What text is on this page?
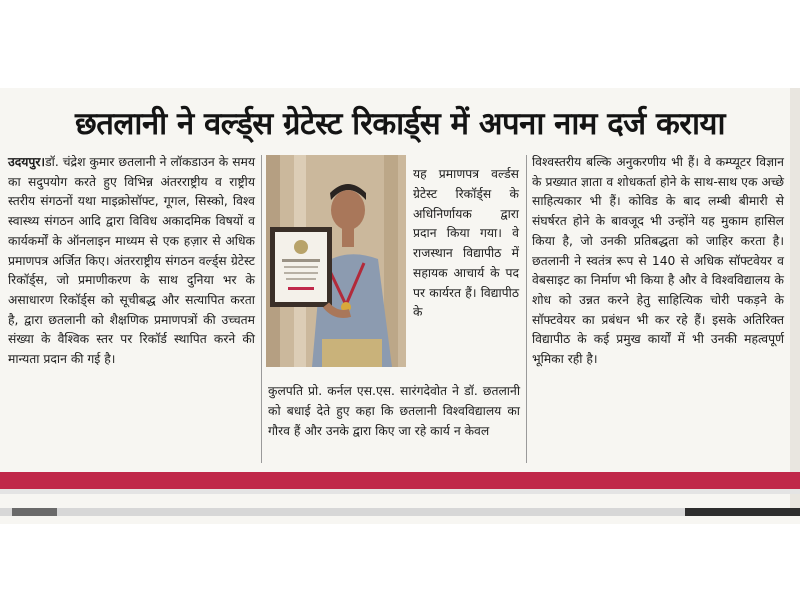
छतलानी ने वर्ल्ड्स ग्रेटेस्ट रिकार्ड्स में अपना नाम दर्ज कराया

उदयपुर।डॉ. चंद्रेश कुमार छतलानी ने लॉकडाउन के समय का सदुपयोग करते हुए विभिन्न अंतरराष्ट्रीय व राष्ट्रीय स्तरीय संगठनों यथा माइक्रोसॉफ्ट, गूगल, सिस्को, विश्व स्वास्थ्य संगठन आदि द्वारा विविध अकादमिक विषयों व कार्यकर्मों के ऑनलाइन माध्यम से एक हज़ार से अधिक प्रमाणपत्र अर्जित किए। अंतरराष्ट्रीय संगठन वर्ल्ड्स ग्रेटेस्ट रिकॉर्ड्स, जो प्रमाणीकरण के साथ दुनिया भर के असाधारण रिकॉर्ड्स को सूचीबद्ध और सत्यापित करता है, द्वारा छतलानी को शैक्षणिक प्रमाणपत्रों की उच्चतम संख्या के वैश्विक स्तर पर रिकॉर्ड स्थापित करने की मान्यता प्रदान की गई है।

यह प्रमाणपत्र वर्ल्डस ग्रेटेस्ट रिकॉर्ड्स के अधिनिर्णायक द्वारा प्रदान किया गया। वे राजस्थान विद्यापीठ में सहायक आचार्य के पद पर कार्यरत हैं। विद्यापीठ के

कुलपति प्रो. कर्नल एस.एस. सारंगदेवोत ने डॉ. छतलानी को बधाई देते हुए कहा कि छतलानी विश्वविद्यालय का गौरव हैं और उनके द्वारा किए जा रहे कार्य न केवल

विश्वस्तरीय बल्कि अनुकरणीय भी हैं। वे कम्प्यूटर विज्ञान के प्रख्यात ज्ञाता व शोधकर्ता होने के साथ-साथ एक अच्छे साहित्यकार भी हैं। कोविड के बाद लम्बी बीमारी से संघर्षरत होने के बावजूद भी उन्होंने यह मुकाम हासिल किया है, जो उनकी प्रतिबद्धता को जाहिर करता है। छतलानी ने स्वतंत्र रूप से 140 से अधिक सॉफ्टवेयर व वेबसाइट का निर्माण भी किया है और वे विश्वविद्यालय के शोध को उन्नत करने हेतु साहित्यिक चोरी पकड़ने के सॉफ्टवेयर का प्रबंधन भी कर रहे हैं। इसके अतिरिक्त विद्यापीठ के कई प्रमुख कार्यों में भी उनकी महत्वपूर्ण भूमिका रही है।
